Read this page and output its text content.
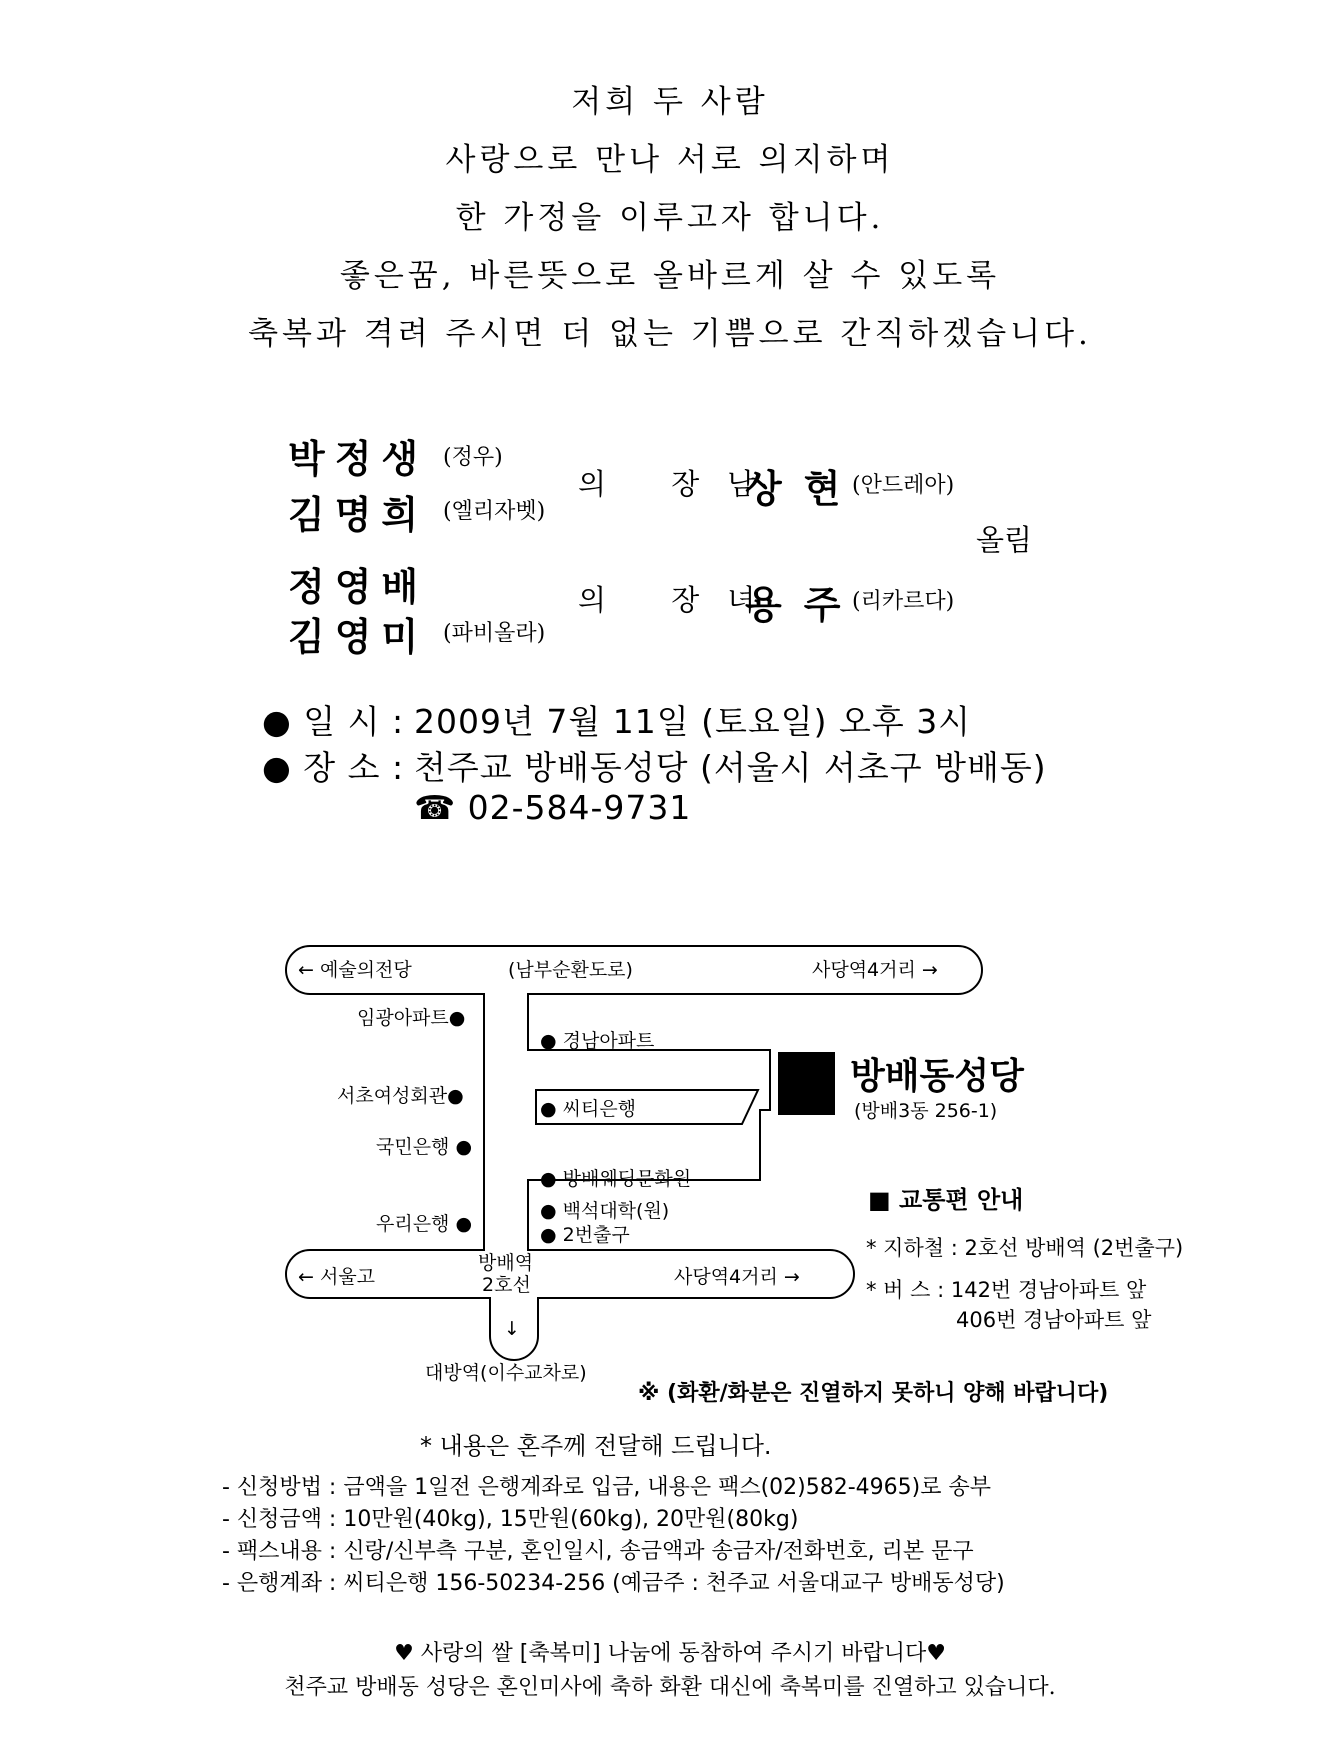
저희 두 사람
사랑으로 만나 서로 의지하며
한 가정을 이루고자 합니다.
좋은꿈, 바른뜻으로 올바르게 살 수 있도록
축복과 격려 주시면 더 없는 기쁨으로 간직하겠습니다.
박정생 (정우)
김명희 (엘리자벳)
의 장남
상현
(안드레아)
올림
정영배
김영미 (파비올라)
의 장녀
용주
(리카르다)
● 일 시 : 2009년 7월 11일 (토요일) 오후 3시
● 장 소 : 천주교 방배동성당 (서울시 서초구 방배동)
☎ 02-584-9731
← 예술의전당	(남부순환도로)	사당역4거리 →
임광아파트●
서초여성회관●
국민은행 ●
우리은행 ●
● 경남아파트
● 씨티은행
● 방배웨딩문화원
● 백석대학(원)
● 2번출구
방배동성당
(방배3동 256-1)
← 서울고
방배역
2호선	사당역4거리 →
↓
대방역(이수교차로)
■ 교통편 안내
* 지하철 : 2호선 방배역 (2번출구)
* 버 스 : 142번 경남아파트 앞
406번 경남아파트 앞
※ (화환/화분은 진열하지 못하니 양해 바랍니다)
* 내용은 혼주께 전달해 드립니다.
- 신청방법 : 금액을 1일전 은행계좌로 입금, 내용은 팩스(02)582-4965)로 송부
- 신청금액 : 10만원(40kg), 15만원(60kg), 20만원(80kg)
- 팩스내용 : 신랑/신부측 구분, 혼인일시, 송금액과 송금자/전화번호, 리본 문구
- 은행계좌 : 씨티은행 156-50234-256 (예금주 : 천주교 서울대교구 방배동성당)
♥ 사랑의 쌀 [축복미] 나눔에 동참하여 주시기 바랍니다♥
천주교 방배동 성당은 혼인미사에 축하 화환 대신에 축복미를 진열하고 있습니다.
